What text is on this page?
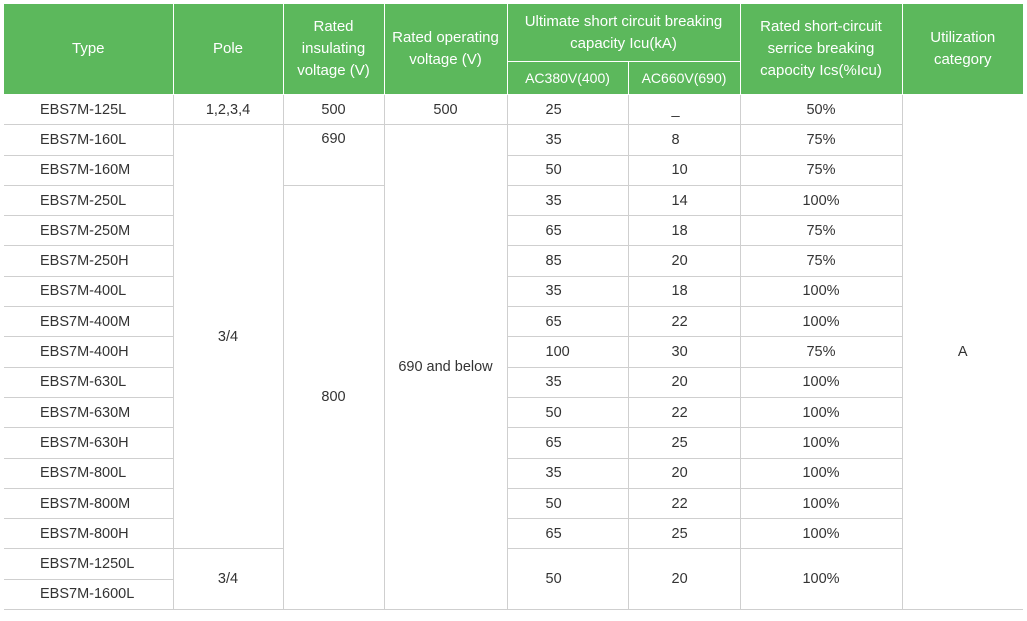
Type	Pole	Rated insulating voltage (V)	Rated operating voltage (V)	Ultimate short circuit breaking capacity Icu(kA)		Rated short-circuit serrice breaking capocity Ics(%Icu)	Utilization category
				AC380V(400)	AC660V(690)		
EBS7M-125L	1,2,3,4	500	500	25	_	50%	A
EBS7M-160L	3/4	690	690 and below	35	8	75%	
EBS7M-160M				50	10	75%	
EBS7M-250L		800		35	14	100%	
EBS7M-250M				65	18	75%	
EBS7M-250H				85	20	75%	
EBS7M-400L				35	18	100%	
EBS7M-400M				65	22	100%	
EBS7M-400H				100	30	75%	
EBS7M-630L				35	20	100%	
EBS7M-630M				50	22	100%	
EBS7M-630H				65	25	100%	
EBS7M-800L				35	20	100%	
EBS7M-800M				50	22	100%	
EBS7M-800H				65	25	100%	
EBS7M-1250L	3/4			50	20	100%	
EBS7M-1600L							
